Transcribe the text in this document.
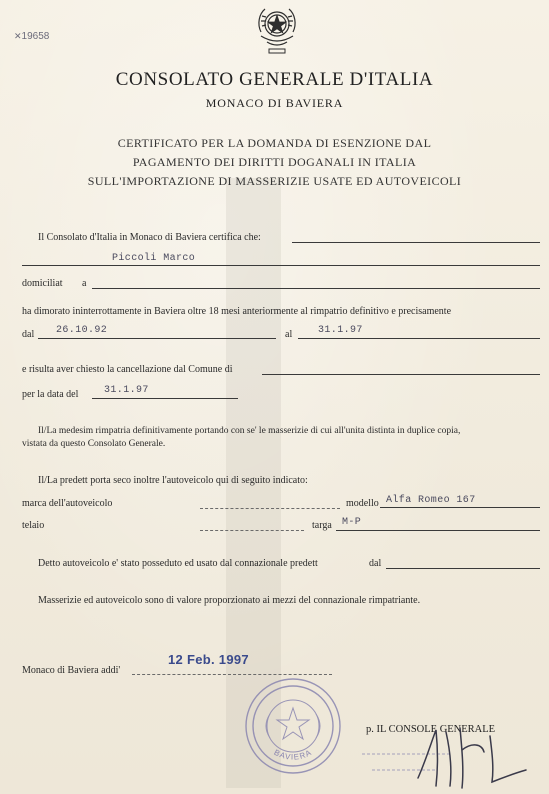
✕19658
CONSOLATO GENERALE D'ITALIA
MONACO DI BAVIERA
CERTIFICATO PER LA DOMANDA DI ESENZIONE DAL
PAGAMENTO DEI DIRITTI DOGANALI IN ITALIA
SULL'IMPORTAZIONE DI MASSERIZIE USATE ED AUTOVEICOLI
Il Consolato d'Italia in Monaco di Baviera certifica che:
Piccoli Marco
domiciliat a
ha dimorato ininterrottamente in Baviera oltre 18 mesi anteriormente al rimpatrio definitivo e precisamente
dal 26.10.92	al	31.1.97
e risulta aver chiesto la cancellazione dal Comune di
per la data del	31.1.97
Il/La medesim rimpatria definitivamente portando con se' le masserizie di cui all'unita distinta in duplice copia,
vistata da questo Consolato Generale.
Il/La predett porta seco inoltre l'autoveicolo qui di seguito indicato:
marca dell'autoveicolo	modello Alfa Romeo 167
telaio	targa M-P
Detto autoveicolo e' stato posseduto ed usato dal connazionale predett	dal
Masserizie ed autoveicolo sono di valore proporzionato ai mezzi del connazionale rimpatriante.
Monaco di Baviera addi'
12 Feb. 1997
BAVIERA
p. IL CONSOLE GENERALE
